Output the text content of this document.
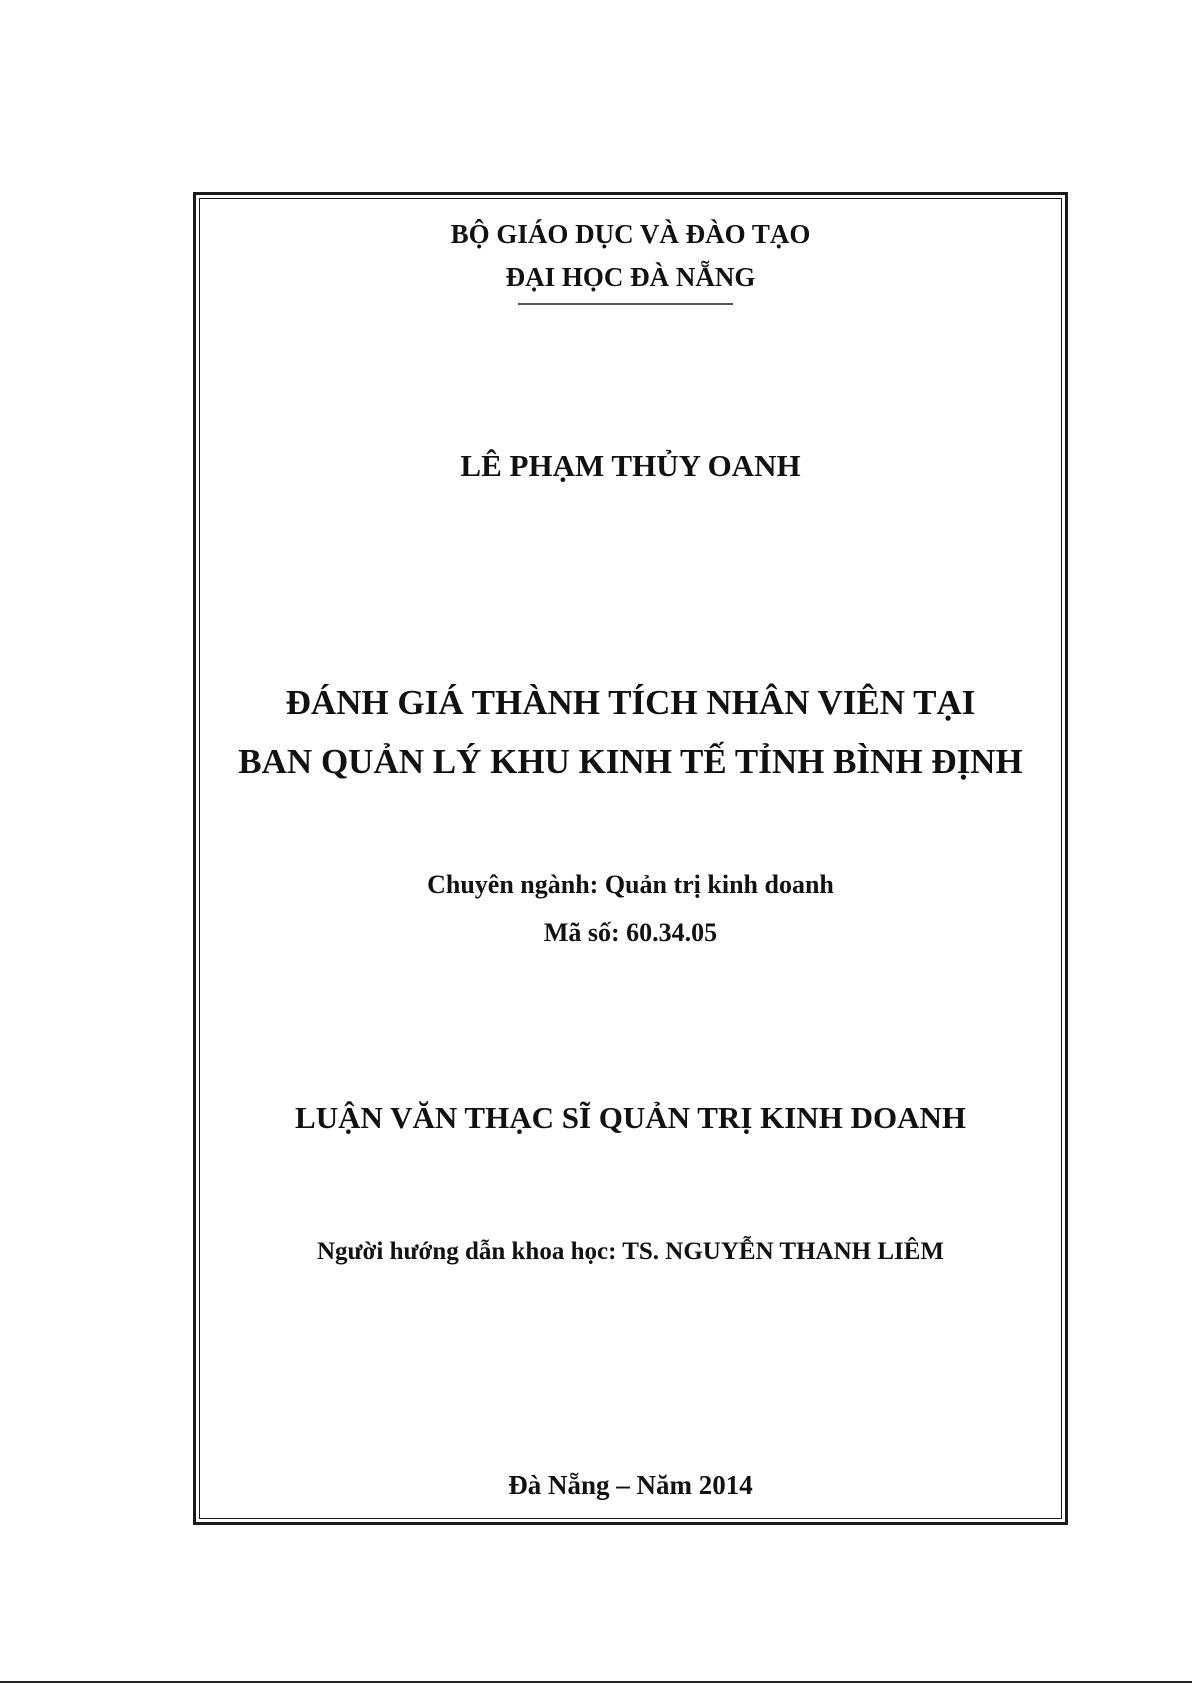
BỘ GIÁO DỤC VÀ ĐÀO TẠO
ĐẠI HỌC ĐÀ NẴNG
LÊ PHẠM THỦY OANH
ĐÁNH GIÁ THÀNH TÍCH NHÂN VIÊN TẠI
BAN QUẢN LÝ KHU KINH TẾ TỈNH BÌNH ĐỊNH
Chuyên ngành: Quản trị kinh doanh
Mã số: 60.34.05
LUẬN VĂN THẠC SĨ QUẢN TRỊ KINH DOANH
Người hướng dẫn khoa học: TS. NGUYỄN THANH LIÊM
Đà Nẵng – Năm 2014
